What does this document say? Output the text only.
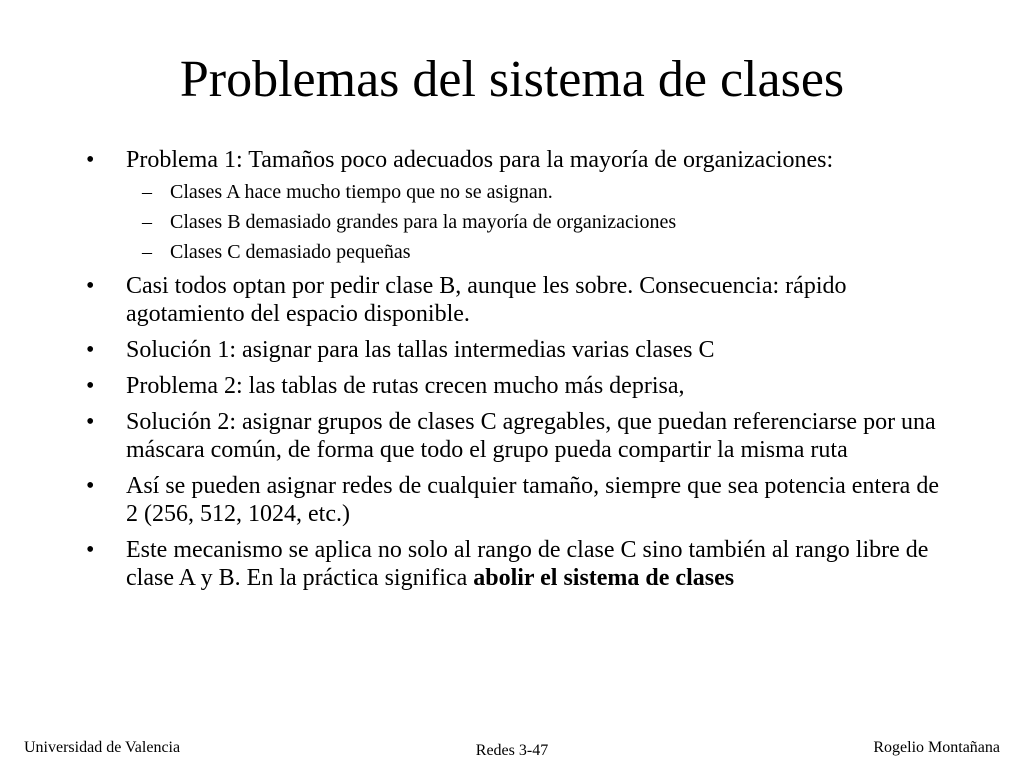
Problemas del sistema de clases
• Problema 1: Tamaños poco adecuados para la mayoría de organizaciones:
– Clases A hace mucho tiempo que no se asignan.
– Clases B demasiado grandes para la mayoría de organizaciones
– Clases C demasiado pequeñas
• Casi todos optan por pedir clase B, aunque les sobre. Consecuencia: rápido agotamiento del espacio disponible.
• Solución 1: asignar para las tallas intermedias varias clases C
• Problema 2: las tablas de rutas crecen mucho más deprisa,
• Solución 2: asignar grupos de clases C agregables, que puedan referenciarse por una máscara común, de forma que todo el grupo pueda compartir la misma ruta
• Así se pueden asignar redes de cualquier tamaño, siempre que sea potencia entera de 2 (256, 512, 1024, etc.)
• Este mecanismo se aplica no solo al rango de clase C sino también al rango libre de clase A y B. En la práctica significa abolir el sistema de clases
Universidad de Valencia	Redes 3-47	Rogelio Montañana
